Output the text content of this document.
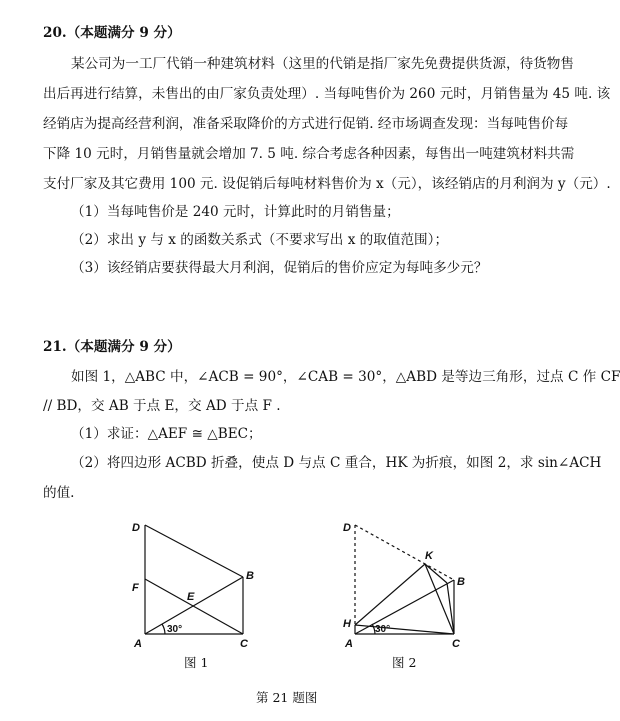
20.（本题满分 9 分）
某公司为一工厂代销一种建筑材料（这里的代销是指厂家先免费提供货源，待货物售
出后再进行结算，未售出的由厂家负责处理）. 当每吨售价为 260 元时，月销售量为 45 吨. 该
经销店为提高经营利润，准备采取降价的方式进行促销. 经市场调查发现：当每吨售价每
下降 10 元时，月销售量就会增加 7. 5 吨. 综合考虑各种因素，每售出一吨建筑材料共需
支付厂家及其它费用 100 元. 设促销后每吨材料售价为 x（元），该经销店的月利润为 y（元）.
（1）当每吨售价是 240 元时，计算此时的月销售量；
（2）求出 y 与 x 的函数关系式（不要求写出 x 的取值范围）；
（3）该经销店要获得最大月利润，促销后的售价应定为每吨多少元？
21.（本题满分 9 分）
如图 1，△ABC 中，∠ACB = 90°，∠CAB = 30°，△ABD 是等边三角形，过点 C 作 CF
// BD，交 AB 于点 E，交 AD 于点 F .
（1）求证：△AEF ≅ △BEC；
（2）将四边形 ACBD 折叠，使点 D 与点 C 重合，HK 为折痕，如图 2，求 sin∠ACH
的值.
D
F
E
B
A	C
30°
图 1
D
K
B
H
A	C
30°
图 2
第 21 题图
